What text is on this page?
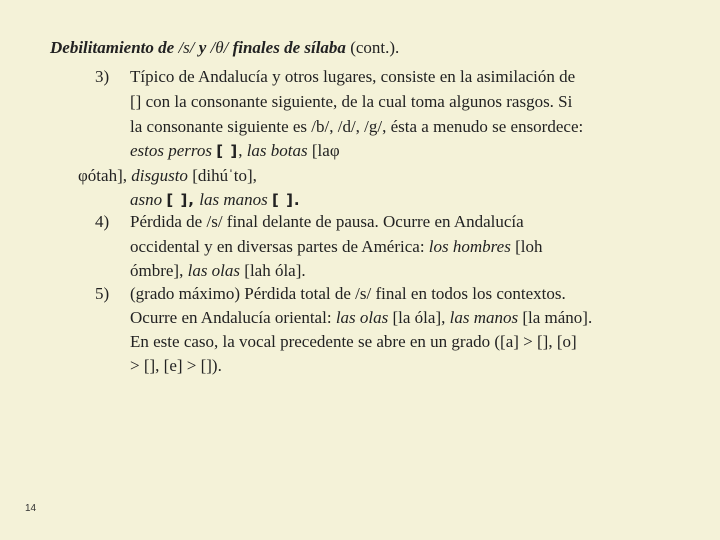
Debilitamiento de /s/ y /θ/ finales de sílaba (cont.).
3) Típico de Andalucía y otros lugares, consiste en la asimilación de
[] con la consonante siguiente, de la cual toma algunos rasgos. Si
la consonante siguiente es /b/, /d/, /g/, ésta a menudo se ensordece:
estos perros [ ], las botas [laφ
φótah], disgusto [dihúˈto],
asno [ ], las manos [ ].
4) Pérdida de /s/ final delante de pausa. Ocurre en Andalucía
occidental y en diversas partes de América: los hombres [loh
ómbre], las olas [lah óla].
5) (grado máximo) Pérdida total de /s/ final en todos los contextos.
Ocurre en Andalucía oriental: las olas [la óla], las manos [la máno].
En este caso, la vocal precedente se abre en un grado ([a] > [], [o]
> [], [e] > []).
14
